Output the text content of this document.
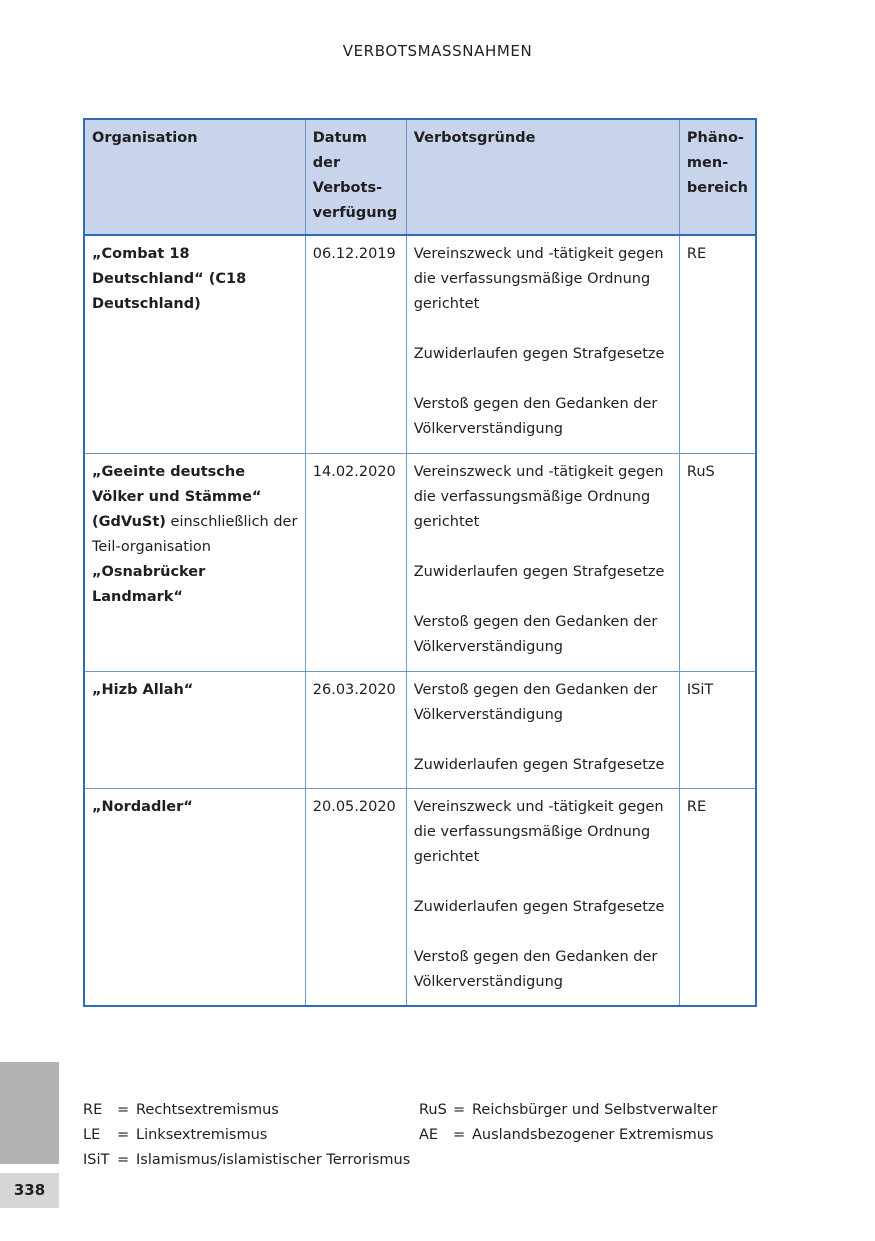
VERBOTSMASSNAHMEN
Organisation	Datum der
Verbots-
verfügung	Verbotsgründe	Phäno-
men-
bereich

„Combat 18 Deutschland“ (C18 Deutschland)	06.12.2019	Vereinszweck und -tätigkeit gegen die verfassungsmäßige Ordnung gerichtet
Zuwiderlaufen gegen Strafgesetze
Verstoß gegen den Gedanken der Völkerverständigung	RE
„Geeinte deutsche Völker und Stämme“ (GdVuSt) einschließlich der Teil-organisation „Osnabrücker Landmark“	14.02.2020	Vereinszweck und -tätigkeit gegen die verfassungsmäßige Ordnung gerichtet
Zuwiderlaufen gegen Strafgesetze
Verstoß gegen den Gedanken der Völkerverständigung	RuS
„Hizb Allah“	26.03.2020	Verstoß gegen den Gedanken der Völkerverständigung
Zuwiderlaufen gegen Strafgesetze	ISiT
„Nordadler“	20.05.2020	Vereinszweck und -tätigkeit gegen die verfassungsmäßige Ordnung gerichtet
Zuwiderlaufen gegen Strafgesetze
Verstoß gegen den Gedanken der Völkerverständigung	RE
RE	= Rechtsextremismus	RuS = Reichsbürger und Selbstverwalter
LE	= Linksextremismus	AE	= Auslandsbezogener Extremismus
ISiT = Islamismus/islamistischer Terrorismus
338
